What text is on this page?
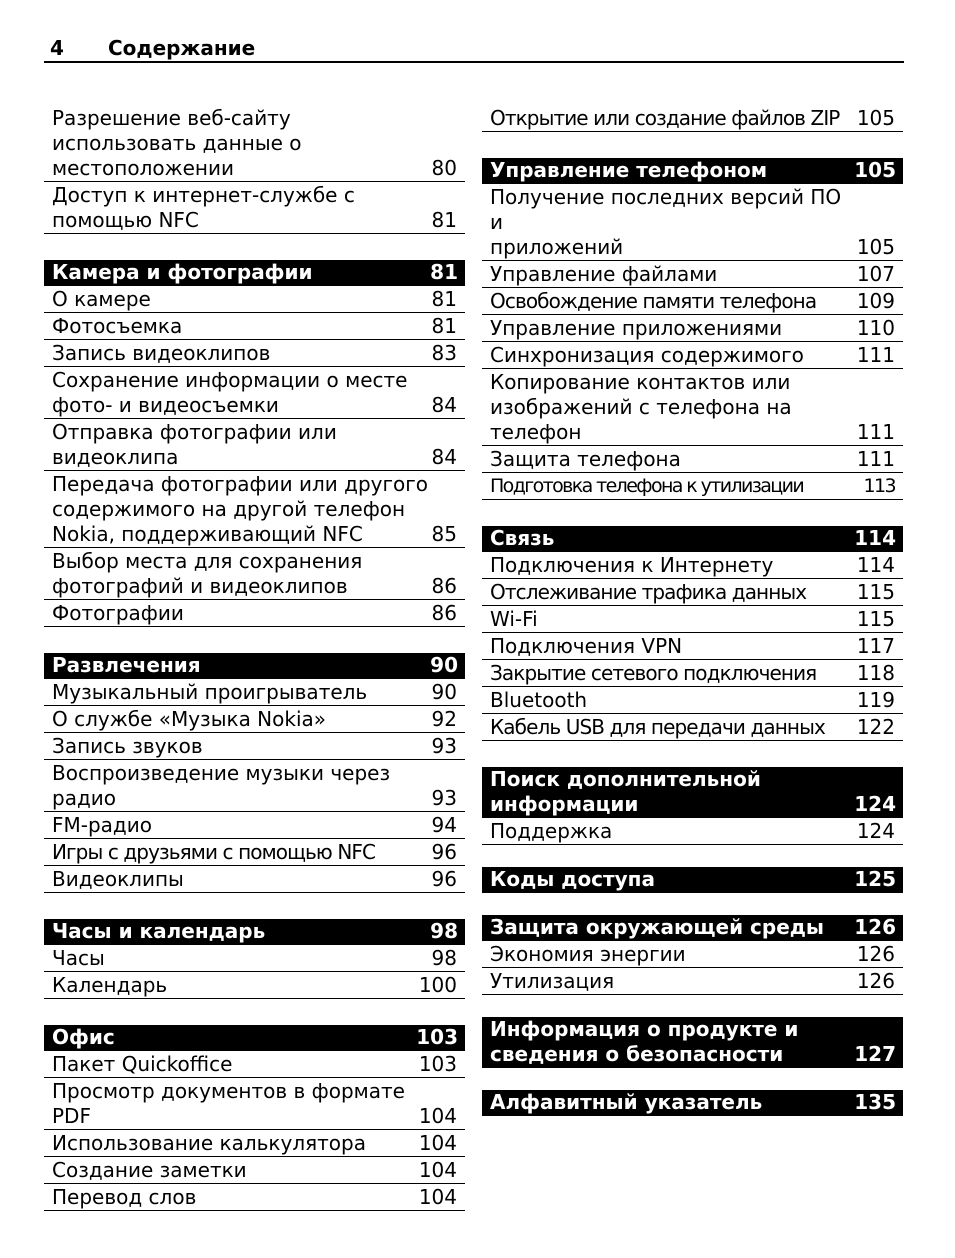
4 Содержание
Разрешение веб-сайту
использовать данные о
местоположении	80
Доступ к интернет-службе с
помощью NFC	81
Камера и фотографии	81
О камере	81
Фотосъемка	81
Запись видеоклипов	83
Сохранение информации о месте
фото- и видеосъемки	84
Отправка фотографии или
видеоклипа	84
Передача фотографии или другого
содержимого на другой телефон
Nokia, поддерживающий NFC	85
Выбор места для сохранения
фотографий и видеоклипов	86
Фотографии	86
Развлечения	90
Музыкальный проигрыватель	90
О службе «Музыка Nokia»	92
Запись звуков	93
Воспроизведение музыки через
радио	93
FM-радио	94
Игры с друзьями с помощью NFC	96
Видеоклипы	96
Часы и календарь	98
Часы	98
Календарь	100
Офис	103
Пакет Quickoffice	103
Просмотр документов в формате
PDF	104
Использование калькулятора	104
Создание заметки	104
Перевод слов	104
Открытие или создание файлов ZIP 105
Управление телефоном	105
Получение последних версий ПО и
приложений	105
Управление файлами	107
Освобождение памяти телефона 109
Управление приложениями	110
Синхронизация содержимого	111
Копирование контактов или
изображений с телефона на
телефон	111
Защита телефона	111
Подготовка телефона к утилизации	113
Связь	114
Подключения к Интернету	114
Отслеживание трафика данных	115
Wi-Fi	115
Подключения VPN	117
Закрытие сетевого подключения 118
Bluetooth	119
Кабель USB для передачи данных 122
Поиск дополнительной
информации	124
Поддержка	124
Коды доступа	125
Защита окружающей среды 126
Экономия энергии	126
Утилизация	126
Информация о продукте и
сведения о безопасности	127
Алфавитный указатель	135
